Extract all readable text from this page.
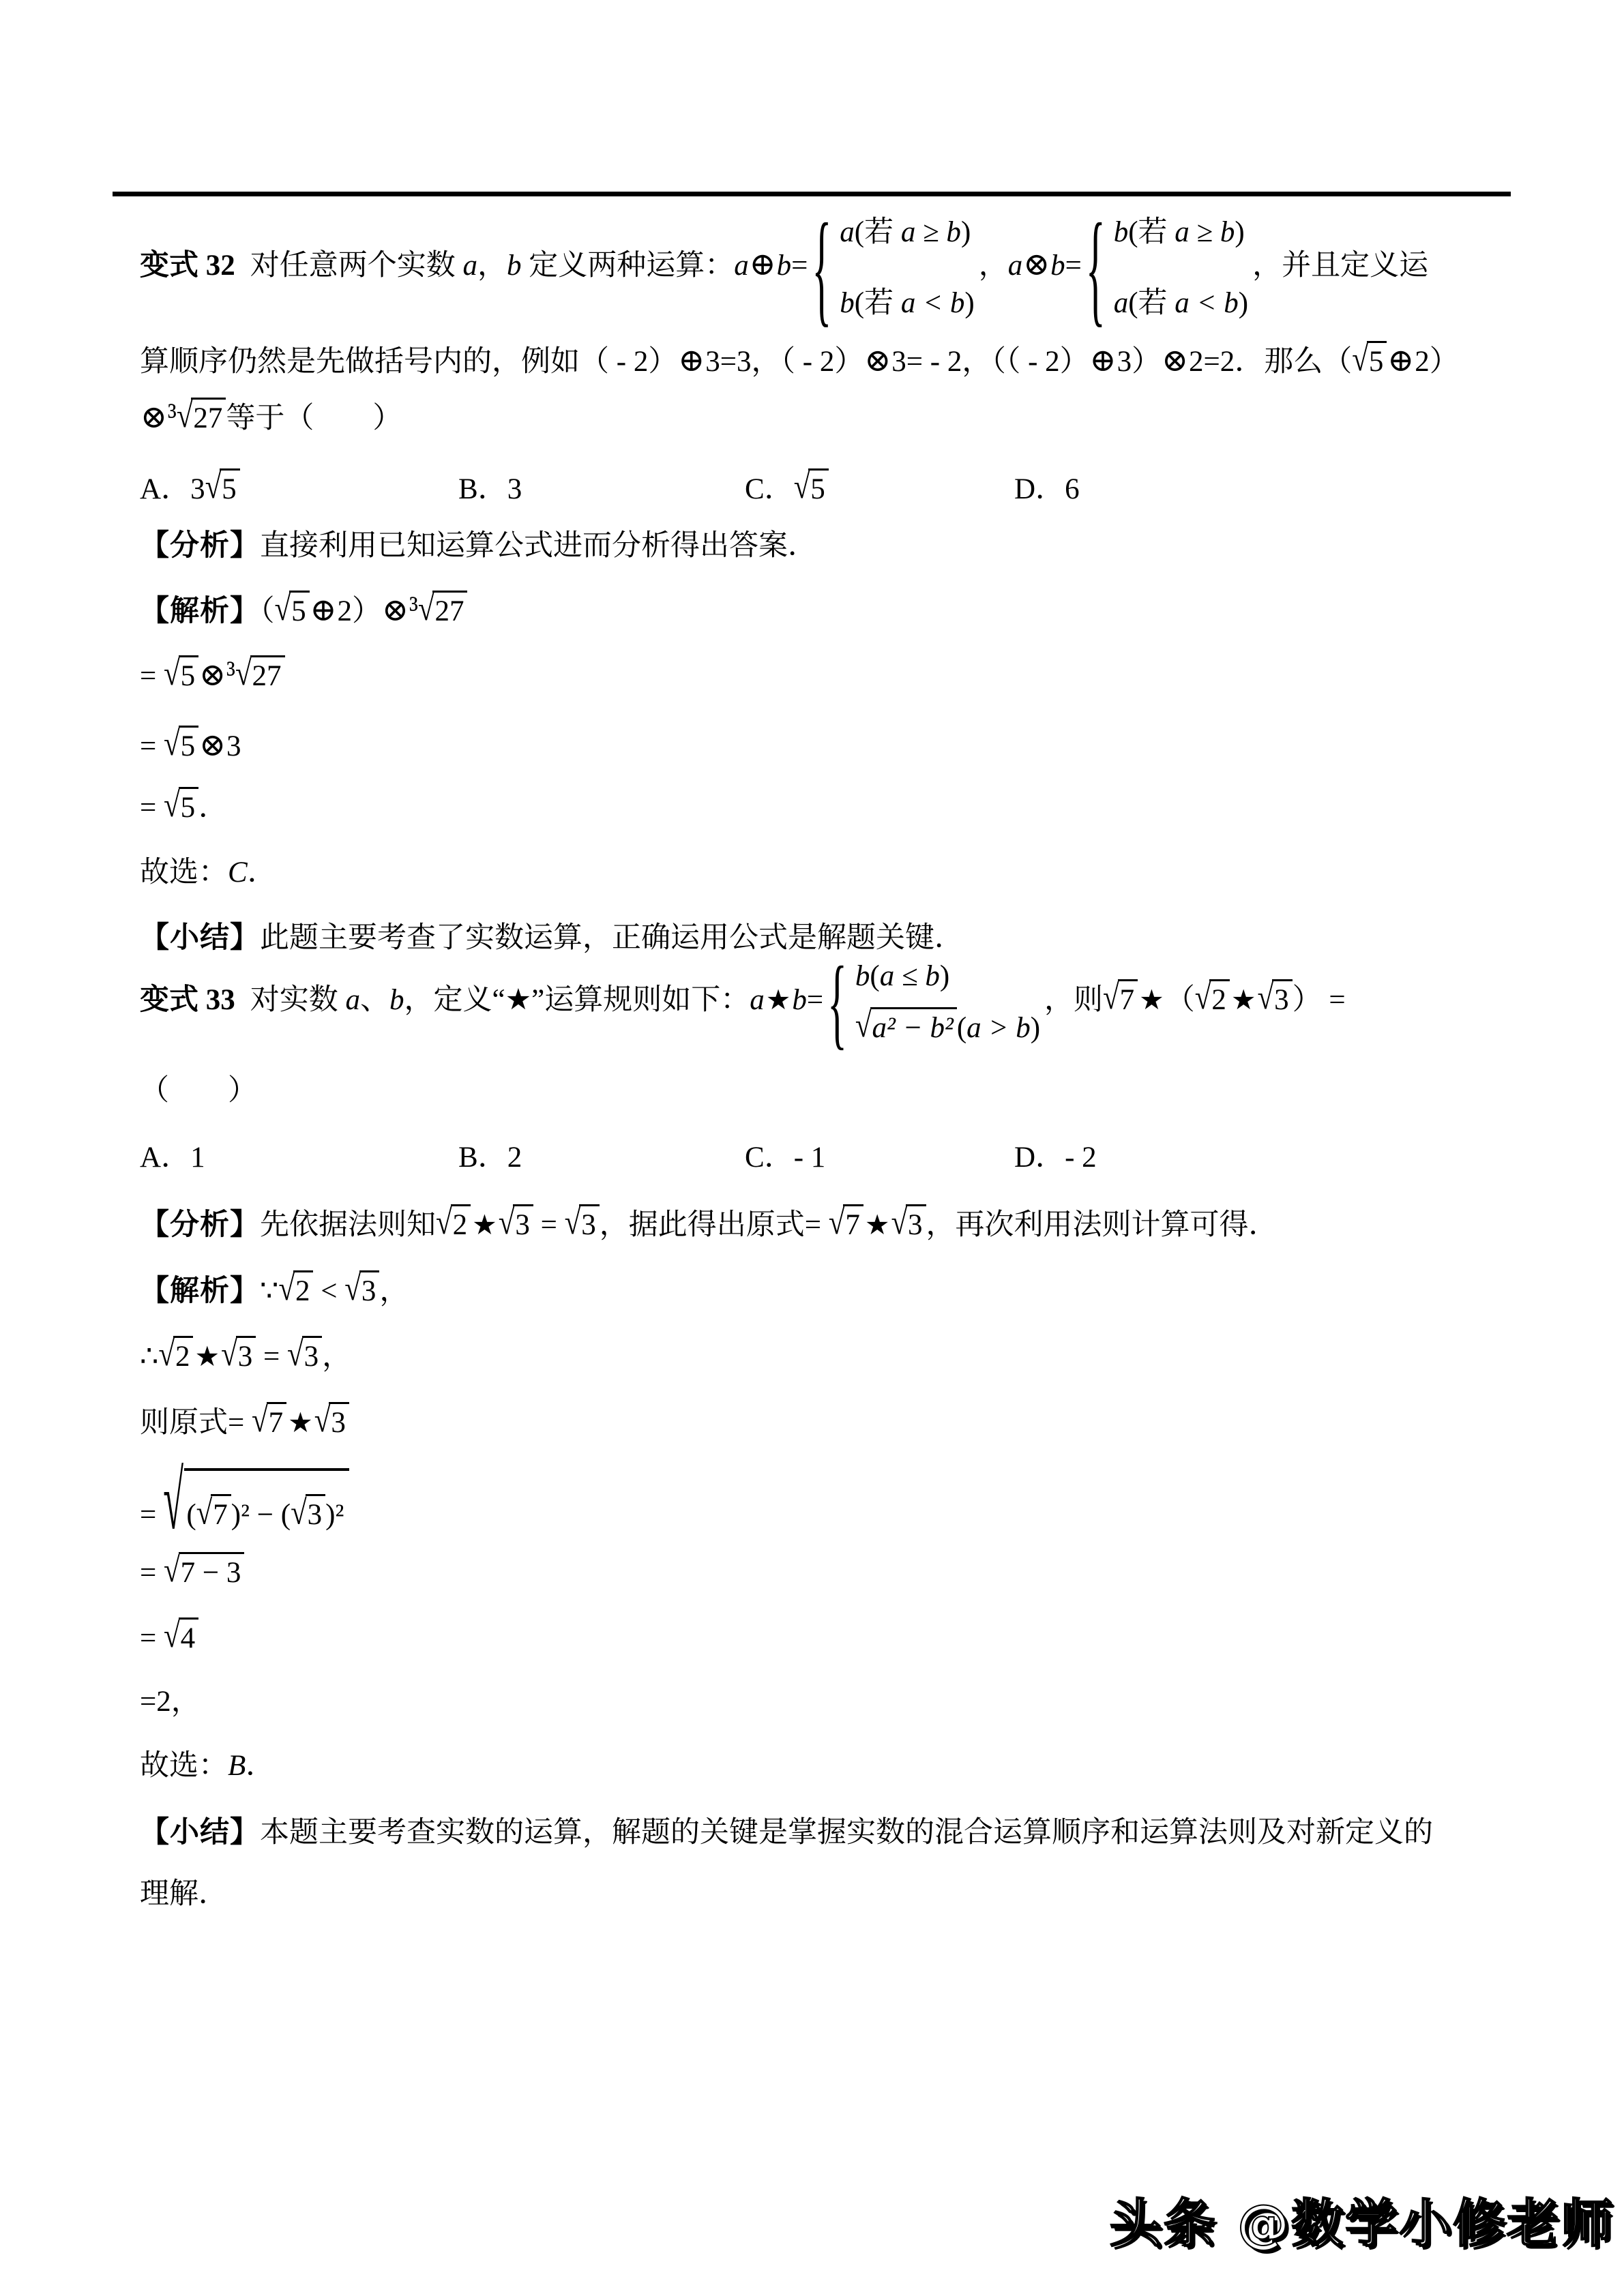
变式 32 对任意两个实数 a，b 定义两种运算：a⊕b= { a(若 a ≥ b)
b(若 a < b)
，a⊗b= { b(若 a ≥ b)
a(若 a < b)
，并且定义运
算顺序仍然是先做括号内的，例如（ - 2）⊕3=3，（ - 2）⊗3= - 2，（（ - 2）⊕3）⊗2=2．那么（√5 ⊕2）
⊗³√27 等于（　　）
A．3√5	B．3	C．√5	D．6
【分析】直接利用已知运算公式进而分析得出答案．
【解析】（√5 ⊕2）⊗³√27
= √5 ⊗³√27
= √5 ⊗3
= √5 ．
故选：C．
【小结】此题主要考查了实数运算，正确运用公式是解题关键．
变式 33 对实数 a、b，定义“★”运算规则如下：a★b= { b(a ≤ b)
√a² − b² (a > b)
，则√7 ★（√2 ★√3 ） =
（　　）
A．1	B．2	C．- 1	D．- 2
【分析】先依据法则知√2 ★√3 = √3 ，据此得出原式= √7 ★√3 ，再次利用法则计算可得．
【解析】∵√2 < √3 ，
∴√2 ★√3 = √3 ，
则原式= √7 ★√3
= √(√7 )² − (√3 )²
= √7 − 3
= √4
=2，
故选：B．
【小结】本题主要考查实数的运算，解题的关键是掌握实数的混合运算顺序和运算法则及对新定义的
理解．
头条 @数学小修老师
